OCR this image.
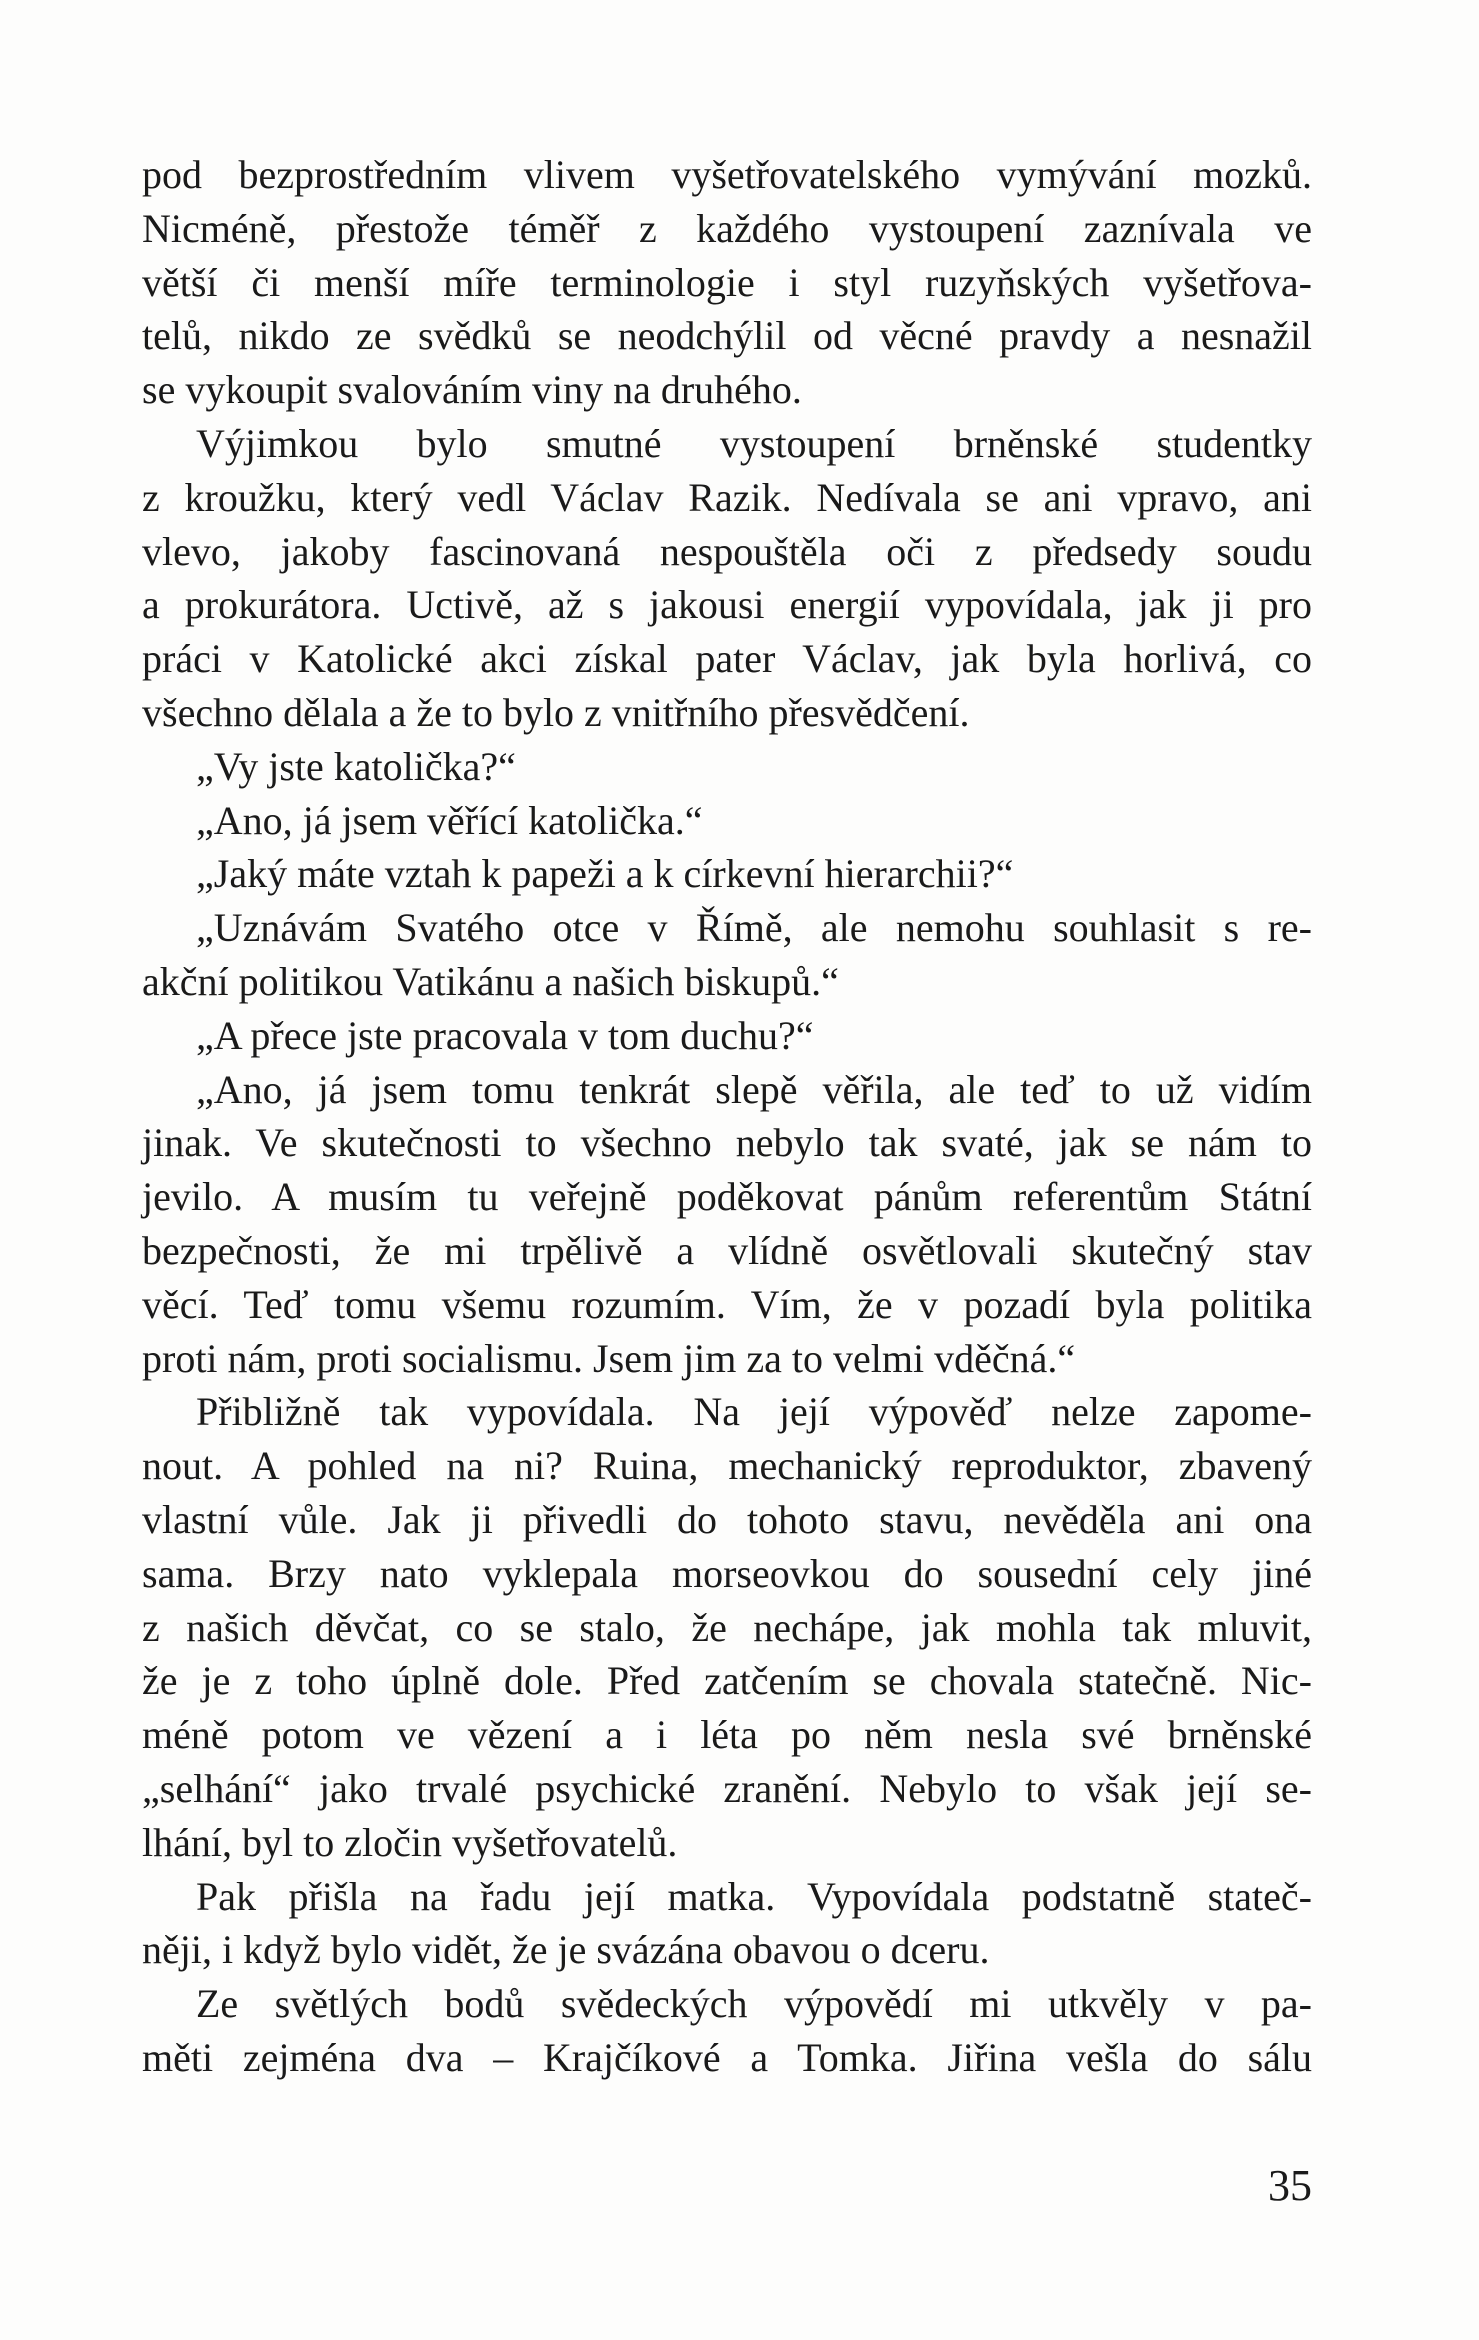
pod bezprostředním vlivem vyšetřovatelského vymývání mozků.
Nicméně, přestože téměř z každého vystoupení zaznívala ve
větší či menší míře terminologie i styl ruzyňských vyšetřova-
telů, nikdo ze svědků se neodchýlil od věcné pravdy a nesnažil
se vykoupit svalováním viny na druhého.
Výjimkou bylo smutné vystoupení brněnské studentky
z kroužku, který vedl Václav Razik. Nedívala se ani vpravo, ani
vlevo, jakoby fascinovaná nespouštěla oči z předsedy soudu
a prokurátora. Uctivě, až s jakousi energií vypovídala, jak ji pro
práci v Katolické akci získal pater Václav, jak byla horlivá, co
všechno dělala a že to bylo z vnitřního přesvědčení.
„Vy jste katolička?“
„Ano, já jsem věřící katolička.“
„Jaký máte vztah k papeži a k církevní hierarchii?“
„Uznávám Svatého otce v Římě, ale nemohu souhlasit s re-
akční politikou Vatikánu a našich biskupů.“
„A přece jste pracovala v tom duchu?“
„Ano, já jsem tomu tenkrát slepě věřila, ale teď to už vidím
jinak. Ve skutečnosti to všechno nebylo tak svaté, jak se nám to
jevilo. A musím tu veřejně poděkovat pánům referentům Státní
bezpečnosti, že mi trpělivě a vlídně osvětlovali skutečný stav
věcí. Teď tomu všemu rozumím. Vím, že v pozadí byla politika
proti nám, proti socialismu. Jsem jim za to velmi vděčná.“
Přibližně tak vypovídala. Na její výpověď nelze zapome-
nout. A pohled na ni? Ruina, mechanický reproduktor, zbavený
vlastní vůle. Jak ji přivedli do tohoto stavu, nevěděla ani ona
sama. Brzy nato vyklepala morseovkou do sousední cely jiné
z našich děvčat, co se stalo, že nechápe, jak mohla tak mluvit,
že je z toho úplně dole. Před zatčením se chovala statečně. Nic-
méně potom ve vězení a i léta po něm nesla své brněnské
„selhání“ jako trvalé psychické zranění. Nebylo to však její se-
lhání, byl to zločin vyšetřovatelů.
Pak přišla na řadu její matka. Vypovídala podstatně stateč-
něji, i když bylo vidět, že je svázána obavou o dceru.
Ze světlých bodů svědeckých výpovědí mi utkvěly v pa-
měti zejména dva – Krajčíkové a Tomka. Jiřina vešla do sálu
35
